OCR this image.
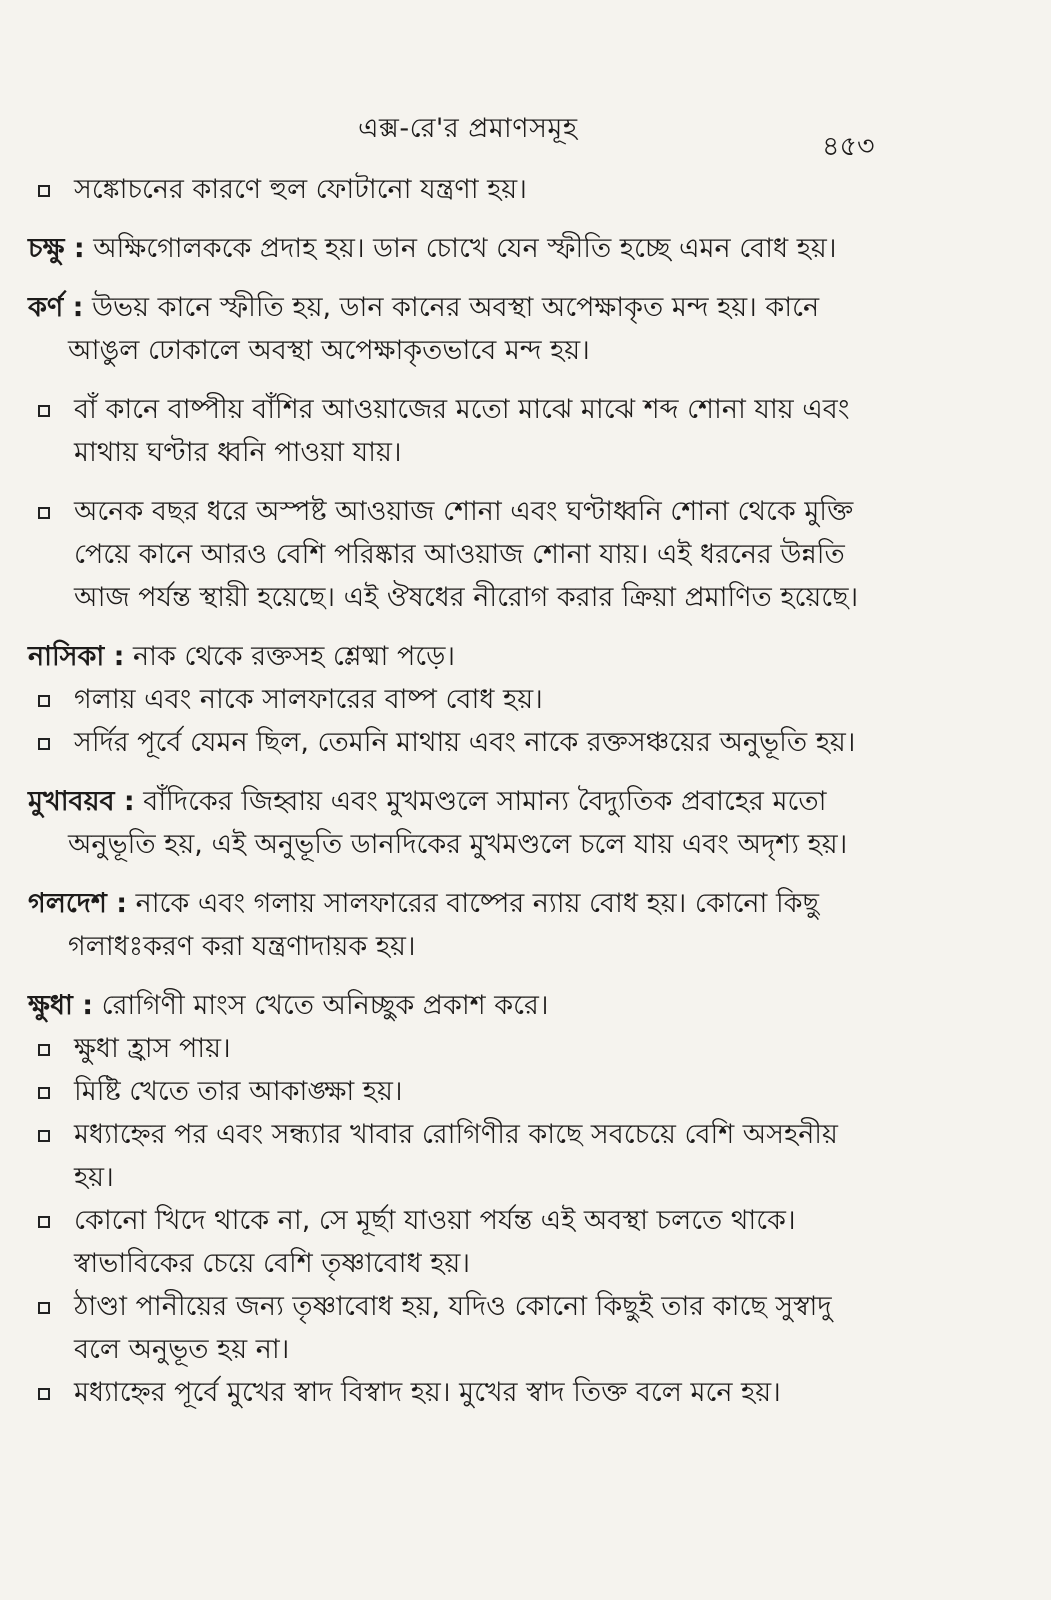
এক্স-রে'র প্রমাণসমূহ
৪৫৩
সঙ্কোচনের কারণে হুল ফোটানো যন্ত্রণা হয়।
চক্ষু : অক্ষিগোলককে প্রদাহ হয়। ডান চোখে যেন স্ফীতি হচ্ছে এমন বোধ হয়।
কর্ণ : উভয় কানে স্ফীতি হয়, ডান কানের অবস্থা অপেক্ষাকৃত মন্দ হয়। কানে
আঙুল ঢোকালে অবস্থা অপেক্ষাকৃতভাবে মন্দ হয়।
বাঁ কানে বাষ্পীয় বাঁশির আওয়াজের মতো মাঝে মাঝে শব্দ শোনা যায় এবং
মাথায় ঘণ্টার ধ্বনি পাওয়া যায়।
অনেক বছর ধরে অস্পষ্ট আওয়াজ শোনা এবং ঘণ্টাধ্বনি শোনা থেকে মুক্তি
পেয়ে কানে আরও বেশি পরিষ্কার আওয়াজ শোনা যায়। এই ধরনের উন্নতি
আজ পর্যন্ত স্থায়ী হয়েছে। এই ঔষধের নীরোগ করার ক্রিয়া প্রমাণিত হয়েছে।
নাসিকা : নাক থেকে রক্তসহ শ্লেষ্মা পড়ে।
গলায় এবং নাকে সালফারের বাষ্প বোধ হয়।
সর্দির পূর্বে যেমন ছিল, তেমনি মাথায় এবং নাকে রক্তসঞ্চয়ের অনুভূতি হয়।
মুখাবয়ব : বাঁদিকের জিহ্বায় এবং মুখমণ্ডলে সামান্য বৈদ্যুতিক প্রবাহের মতো
অনুভূতি হয়, এই অনুভূতি ডানদিকের মুখমণ্ডলে চলে যায় এবং অদৃশ্য হয়।
গলদেশ : নাকে এবং গলায় সালফারের বাষ্পের ন্যায় বোধ হয়। কোনো কিছু
গলাধঃকরণ করা যন্ত্রণাদায়ক হয়।
ক্ষুধা : রোগিণী মাংস খেতে অনিচ্ছুক প্রকাশ করে।
ক্ষুধা হ্রাস পায়।
মিষ্টি খেতে তার আকাঙ্ক্ষা হয়।
মধ্যাহ্নের পর এবং সন্ধ্যার খাবার রোগিণীর কাছে সবচেয়ে বেশি অসহনীয়
হয়।
কোনো খিদে থাকে না, সে মূর্ছা যাওয়া পর্যন্ত এই অবস্থা চলতে থাকে।
স্বাভাবিকের চেয়ে বেশি তৃষ্ণাবোধ হয়।
ঠাণ্ডা পানীয়ের জন্য তৃষ্ণাবোধ হয়, যদিও কোনো কিছুই তার কাছে সুস্বাদু
বলে অনুভূত হয় না।
মধ্যাহ্নের পূর্বে মুখের স্বাদ বিস্বাদ হয়। মুখের স্বাদ তিক্ত বলে মনে হয়।
